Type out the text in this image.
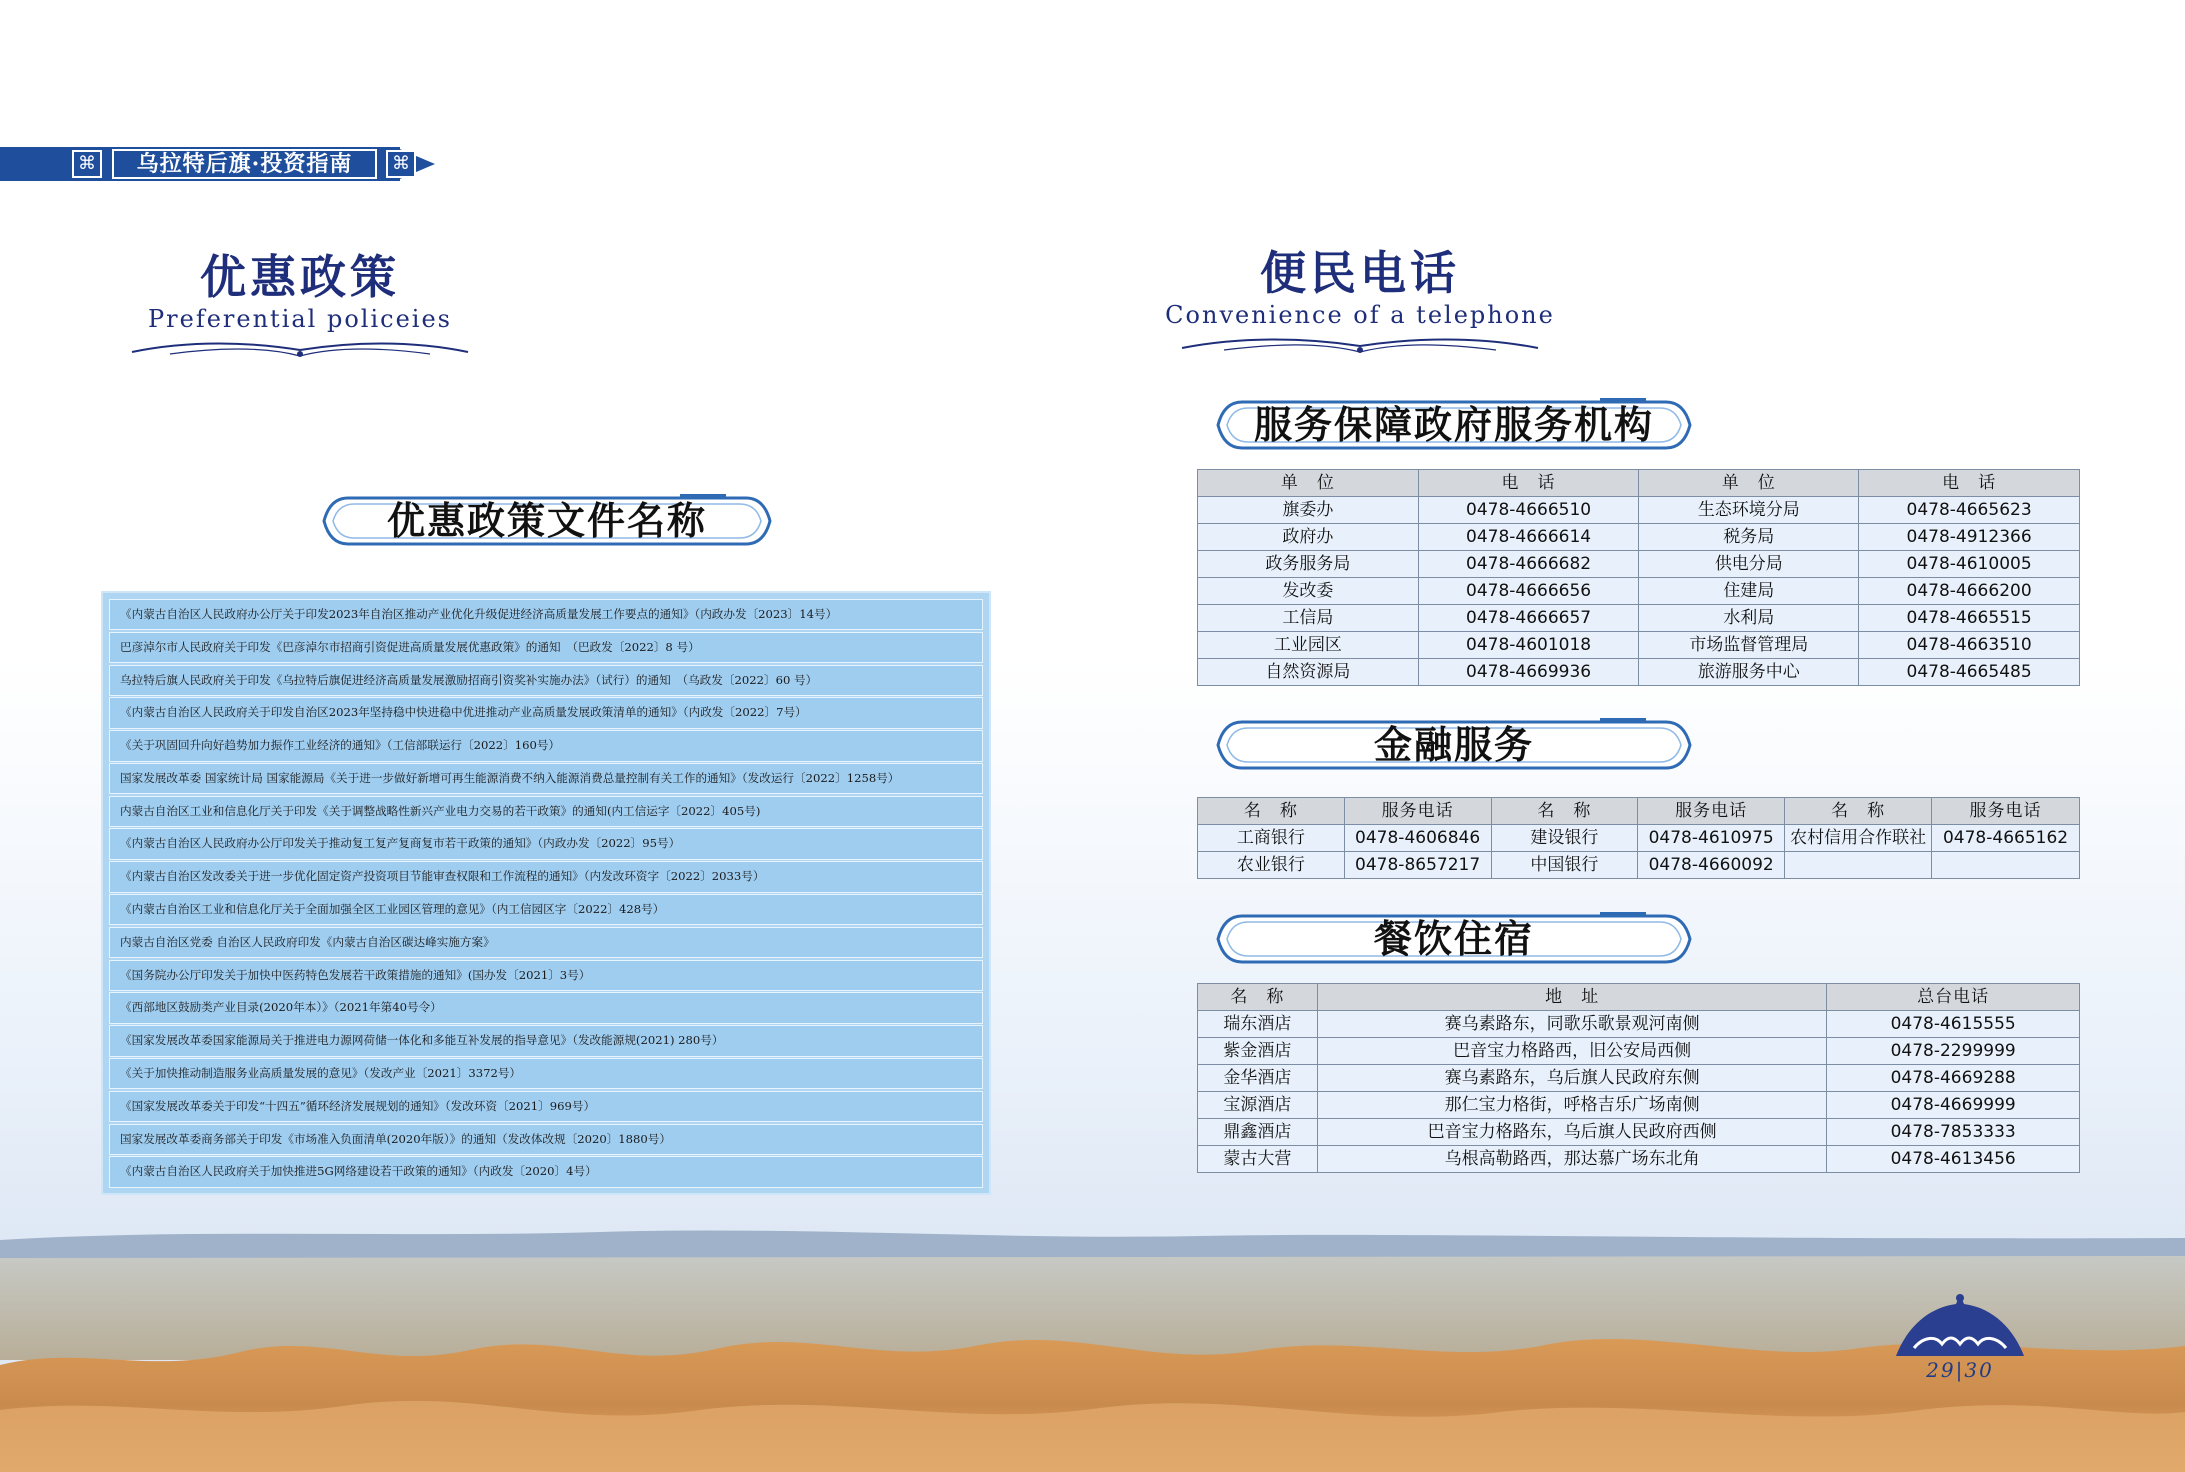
⌘	乌拉特后旗·投资指南	⌘
优惠政策
Preferential policeies
优惠政策文件名称
《内蒙古自治区人民政府办公厅关于印发2023年自治区推动产业优化升级促进经济高质量发展工作要点的通知》（内政办发〔2023〕14号）
巴彦淖尔市人民政府关于印发《巴彦淖尔市招商引资促进高质量发展优惠政策》的通知　（巴政发〔2022〕8 号）
乌拉特后旗人民政府关于印发《乌拉特后旗促进经济高质量发展激励招商引资奖补实施办法》（试行）的通知　（乌政发〔2022〕60 号）
《内蒙古自治区人民政府关于印发自治区2023年坚持稳中快进稳中优进推动产业高质量发展政策清单的通知》（内政发〔2022〕7号）
《关于巩固回升向好趋势加力振作工业经济的通知》（工信部联运行〔2022〕160号）
国家发展改革委 国家统计局 国家能源局《关于进一步做好新增可再生能源消费不纳入能源消费总量控制有关工作的通知》（发改运行〔2022〕1258号）
内蒙古自治区工业和信息化厅关于印发《关于调整战略性新兴产业电力交易的若干政策》的通知(内工信运字〔2022〕405号)
《内蒙古自治区人民政府办公厅印发关于推动复工复产复商复市若干政策的通知》（内政办发〔2022〕95号）
《内蒙古自治区发改委关于进一步优化固定资产投资项目节能审查权限和工作流程的通知》（内发改环资字〔2022〕2033号）
《内蒙古自治区工业和信息化厅关于全面加强全区工业园区管理的意见》（内工信园区字〔2022〕428号）
内蒙古自治区党委 自治区人民政府印发《内蒙古自治区碳达峰实施方案》
《国务院办公厅印发关于加快中医药特色发展若干政策措施的通知》(国办发〔2021〕3号）
《西部地区鼓励类产业目录(2020年本）》（2021年第40号令）
《国家发展改革委国家能源局关于推进电力源网荷储一体化和多能互补发展的指导意见》（发改能源规(2021) 280号）
《关于加快推动制造服务业高质量发展的意见》（发改产业〔2021〕3372号）
《国家发展改革委关于印发“十四五”循环经济发展规划的通知》（发改环资〔2021〕969号）
国家发展改革委商务部关于印发《市场准入负面清单(2020年版）》的通知（发改体改规〔2020〕1880号）
《内蒙古自治区人民政府关于加快推进5G网络建设若干政策的通知》（内政发〔2020〕4号）
便民电话
Convenience of a telephone
服务保障政府服务机构
单　位	电　话	单　位	电　话
旗委办	0478-4666510	生态环境分局	0478-4665623
政府办	0478-4666614	税务局	0478-4912366
政务服务局	0478-4666682	供电分局	0478-4610005
发改委	0478-4666656	住建局	0478-4666200
工信局	0478-4666657	水利局	0478-4665515
工业园区	0478-4601018	市场监督管理局	0478-4663510
自然资源局	0478-4669936	旅游服务中心	0478-4665485
金融服务
名　称	服务电话	名　称	服务电话	名　称	服务电话
工商银行	0478-4606846	建设银行	0478-4610975	农村信用合作联社	0478-4665162
农业银行	0478-8657217	中国银行	0478-4660092		
餐饮住宿
名　称	地　址	总台电话
瑞东酒店	赛乌素路东，同歌乐歌景观河南侧	0478-4615555
紫金酒店	巴音宝力格路西，旧公安局西侧	0478-2299999
金华酒店	赛乌素路东，乌后旗人民政府东侧	0478-4669288
宝源酒店	那仁宝力格街，呼格吉乐广场南侧	0478-4669999
鼎鑫酒店	巴音宝力格路东，乌后旗人民政府西侧	0478-7853333
蒙古大营	乌根高勒路西，那达慕广场东北角	0478-4613456
29|30
